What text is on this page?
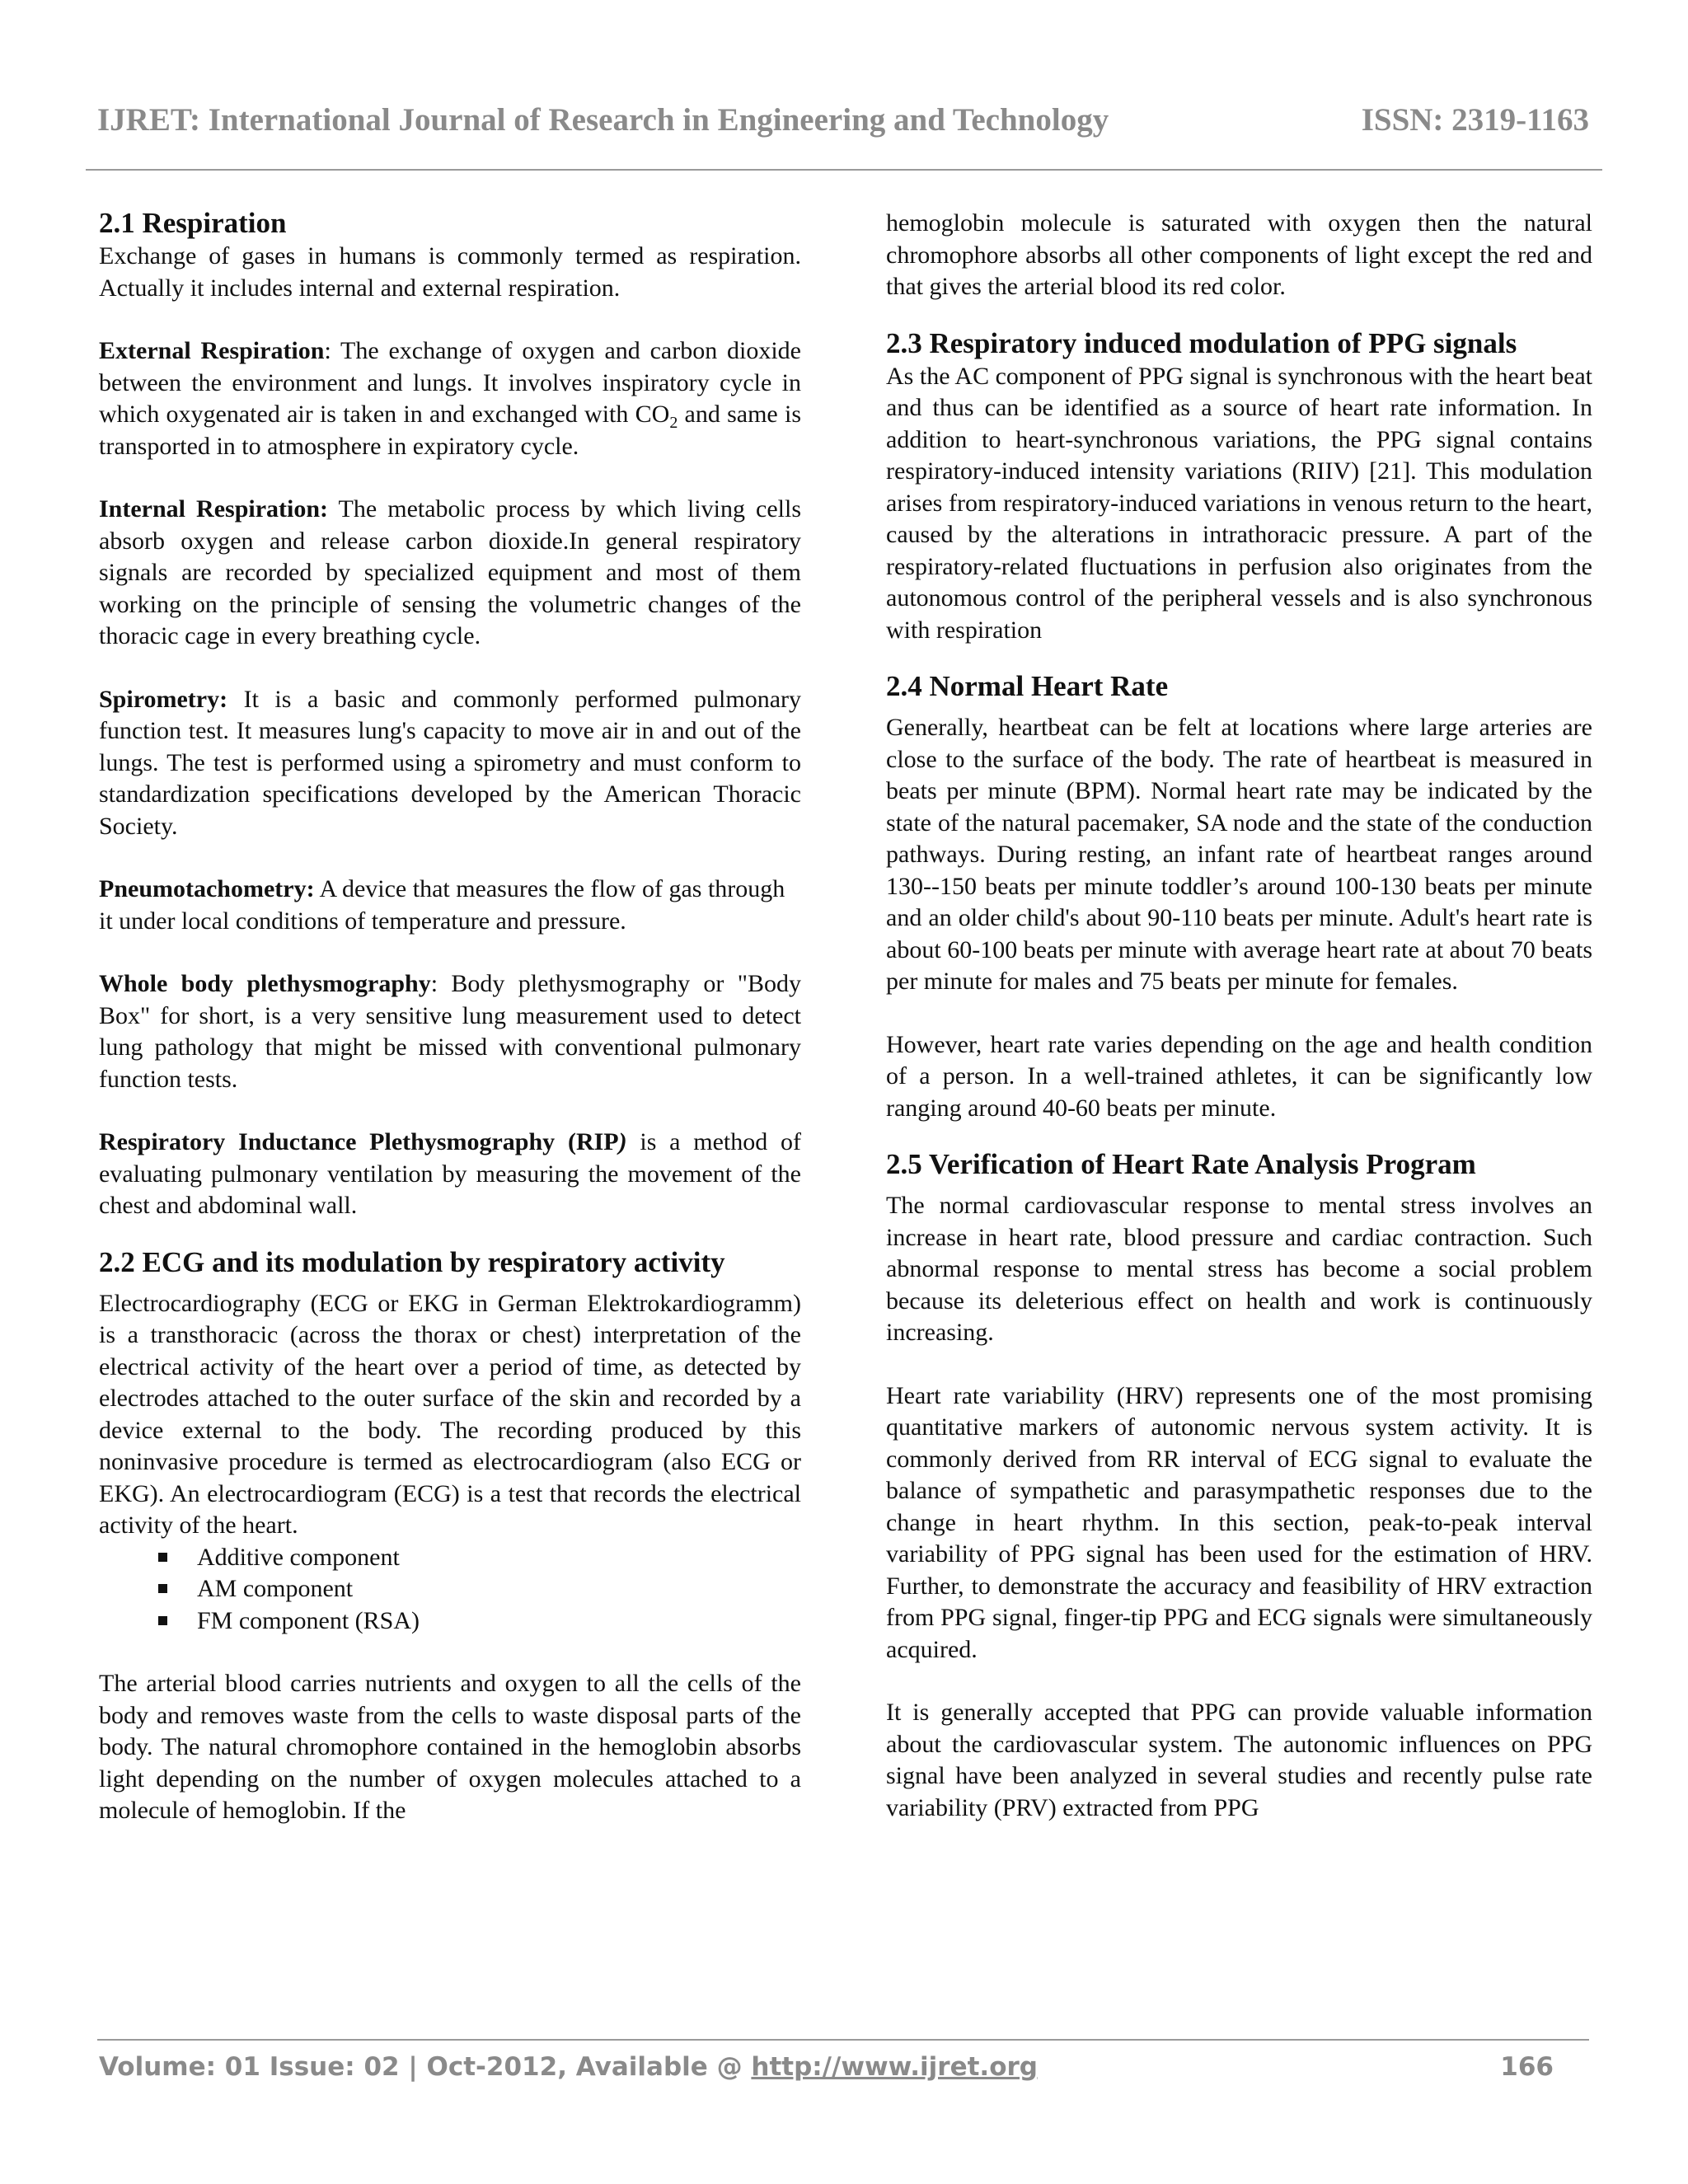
IJRET: International Journal of Research in Engineering and Technology	ISSN: 2319-1163
2.1 Respiration

Exchange of gases in humans is commonly termed as respiration. Actually it includes internal and external respiration.

External Respiration: The exchange of oxygen and carbon dioxide between the environment and lungs. It involves inspiratory cycle in which oxygenated air is taken in and exchanged with $CO_2$ and same is transported in to atmosphere in expiratory cycle.

Internal Respiration: The metabolic process by which living cells absorb oxygen and release carbon dioxide.In general respiratory signals are recorded by specialized equipment and most of them working on the principle of sensing the volumetric changes of the thoracic cage in every breathing cycle.

Spirometry: It is a basic and commonly performed pulmonary function test. It measures lung's capacity to move air in and out of the lungs. The test is performed using a spirometry and must conform to standardization specifications developed by the American Thoracic Society.

Pneumotachometry: A device that measures the flow of gas through it under local conditions of temperature and pressure.

Whole body plethysmography: Body plethysmography or "Body Box" for short, is a very sensitive lung measurement used to detect lung pathology that might be missed with conventional pulmonary function tests.

Respiratory Inductance Plethysmography (RIP) is a method of evaluating pulmonary ventilation by measuring the movement of the chest and abdominal wall.

2.2 ECG and its modulation by respiratory activity

Electrocardiography (ECG or EKG in German Elektrokardiogramm) is a transthoracic (across the thorax or chest) interpretation of the electrical activity of the heart over a period of time, as detected by electrodes attached to the outer surface of the skin and recorded by a device external to the body. The recording produced by this noninvasive procedure is termed as electrocardiogram (also ECG or EKG). An electrocardiogram (ECG) is a test that records the electrical activity of the heart.

Additive component
AM component
FM component (RSA)

The arterial blood carries nutrients and oxygen to all the cells of the body and removes waste from the cells to waste disposal parts of the body. The natural chromophore contained in the hemoglobin absorbs light depending on the number of oxygen molecules attached to a molecule of hemoglobin. If the

hemoglobin molecule is saturated with oxygen then the natural chromophore absorbs all other components of light except the red and that gives the arterial blood its red color.

2.3 Respiratory induced modulation of PPG signals

As the AC component of PPG signal is synchronous with the heart beat and thus can be identified as a source of heart rate information. In addition to heart-synchronous variations, the PPG signal contains respiratory-induced intensity variations (RIIV) [21]. This modulation arises from respiratory-induced variations in venous return to the heart, caused by the alterations in intrathoracic pressure. A part of the respiratory-related fluctuations in perfusion also originates from the autonomous control of the peripheral vessels and is also synchronous with respiration

2.4 Normal Heart Rate

Generally, heartbeat can be felt at locations where large arteries are close to the surface of the body. The rate of heartbeat is measured in beats per minute (BPM). Normal heart rate may be indicated by the state of the natural pacemaker, SA node and the state of the conduction pathways. During resting, an infant rate of heartbeat ranges around 130--150 beats per minute toddler’s around 100-130 beats per minute and an older child's about 90-110 beats per minute. Adult's heart rate is about 60-100 beats per minute with average heart rate at about 70 beats per minute for males and 75 beats per minute for females.

However, heart rate varies depending on the age and health condition of a person. In a well-trained athletes, it can be significantly low ranging around 40-60 beats per minute.

2.5 Verification of Heart Rate Analysis Program

The normal cardiovascular response to mental stress involves an increase in heart rate, blood pressure and cardiac contraction. Such abnormal response to mental stress has become a social problem because its deleterious effect on health and work is continuously increasing.

Heart rate variability (HRV) represents one of the most promising quantitative markers of autonomic nervous system activity. It is commonly derived from RR interval of ECG signal to evaluate the balance of sympathetic and parasympathetic responses due to the change in heart rhythm. In this section, peak-to-peak interval variability of PPG signal has been used for the estimation of HRV. Further, to demonstrate the accuracy and feasibility of HRV extraction from PPG signal, finger-tip PPG and ECG signals were simultaneously acquired.

It is generally accepted that PPG can provide valuable information about the cardiovascular system. The autonomic influences on PPG signal have been analyzed in several studies and recently pulse rate variability (PRV) extracted from PPG

Volume: 01 Issue: 02 | Oct-2012, Available @ http://www.ijret.org	166
